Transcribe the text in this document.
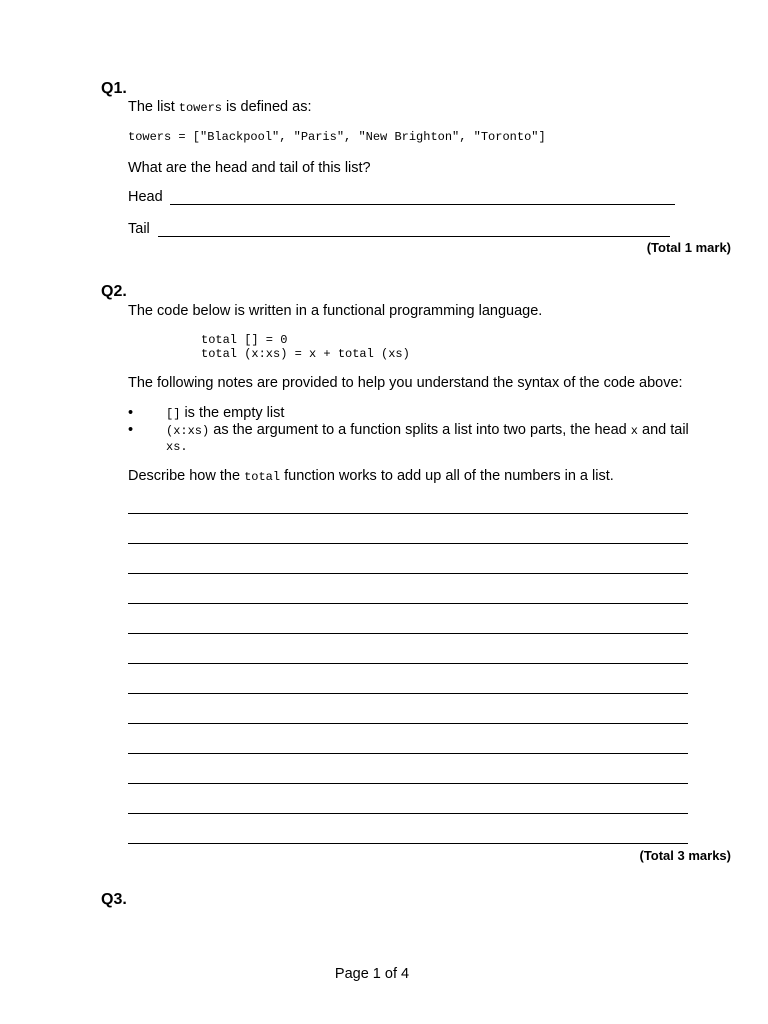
Q1.
The list towers is defined as:
towers = ["Blackpool", "Paris", "New Brighton", "Toronto"]
What are the head and tail of this list?
Head
Tail
(Total 1 mark)
Q2.
The code below is written in a functional programming language.
total [] = 0
total (x:xs) = x + total (xs)
The following notes are provided to help you understand the syntax of the code above:
•	[] is the empty list
•	(x:xs) as the argument to a function splits a list into two parts, the head x and tail
xs.
Describe how the total function works to add up all of the numbers in a list.
(Total 3 marks)
Q3.
Page 1 of 4
